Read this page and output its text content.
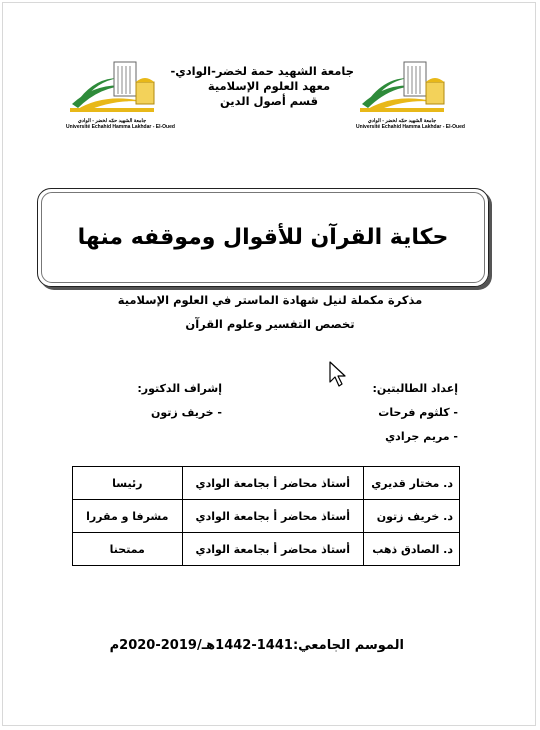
جامعة الشهيد حمّه لخضر - الوادي
Université Echahid Hamma Lakhdar - El-Oued
جامعة الشهيد حمّه لخضر - الوادي
Université Echahid Hamma Lakhdar - El-Oued
جامعة الشهيد حمة لخضر-الوادي-
معهد العلوم الإسلامية
قسم أصول الدين
حكاية القرآن للأقوال وموقفه منها
مذكرة مكملة لنيل شهادة الماستر في العلوم الإسلامية
تخصص التفسير وعلوم القرآن
إعداد الطالبتين:
- كلثوم فرحات
- مريم جرادي
إشراف الدكتور:
- خريف زتون
د. مختار قديري	أستاذ محاضر أ بجامعة الوادي	رئيسا
د. خريف زتون	أستاذ محاضر أ بجامعة الوادي	مشرفا و مقررا
د. الصادق ذهب	أستاذ محاضر أ بجامعة الوادي	ممتحنا
الموسم الجامعي:1441-1442هـ/2019-2020م
